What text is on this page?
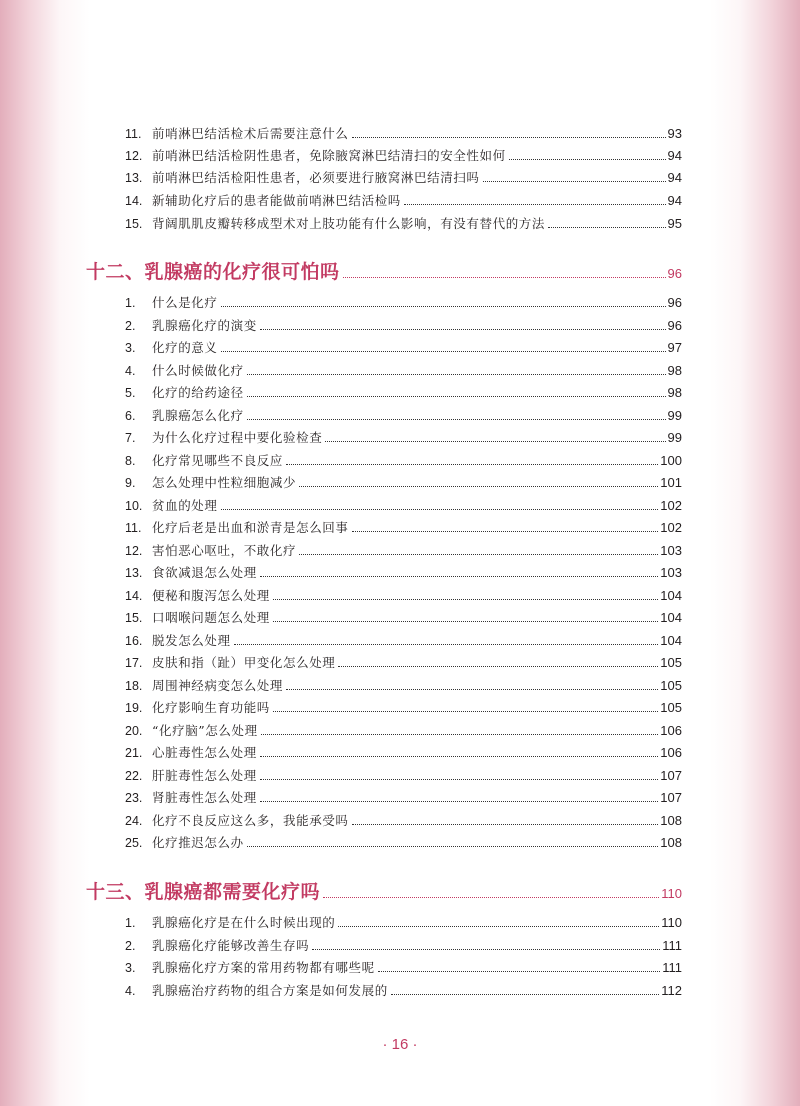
11. 前哨淋巴结活检术后需要注意什么	93
12. 前哨淋巴结活检阴性患者，免除腋窝淋巴结清扫的安全性如何	94
13. 前哨淋巴结活检阳性患者，必须要进行腋窝淋巴结清扫吗	94
14. 新辅助化疗后的患者能做前哨淋巴结活检吗	94
15. 背阔肌肌皮瓣转移成型术对上肢功能有什么影响，有没有替代的方法	95
十二、乳腺癌的化疗很可怕吗	96
1.	什么是化疗	96
2.	乳腺癌化疗的演变	96
3.	化疗的意义	97
4.	什么时候做化疗	98
5.	化疗的给药途径	98
6.	乳腺癌怎么化疗	99
7.	为什么化疗过程中要化验检查	99
8.	化疗常见哪些不良反应	100
9.	怎么处理中性粒细胞减少	101
10. 贫血的处理	102
11. 化疗后老是出血和淤青是怎么回事	102
12. 害怕恶心呕吐，不敢化疗	103
13. 食欲减退怎么处理	103
14. 便秘和腹泻怎么处理	104
15. 口咽喉问题怎么处理	104
16. 脱发怎么处理	104
17. 皮肤和指（趾）甲变化怎么处理	105
18. 周围神经病变怎么处理	105
19. 化疗影响生育功能吗	105
20. “化疗脑”怎么处理	106
21. 心脏毒性怎么处理	106
22. 肝脏毒性怎么处理	107
23. 肾脏毒性怎么处理	107
24. 化疗不良反应这么多，我能承受吗	108
25. 化疗推迟怎么办	108
十三、乳腺癌都需要化疗吗	110
1.	乳腺癌化疗是在什么时候出现的	110
2.	乳腺癌化疗能够改善生存吗	111
3.	乳腺癌化疗方案的常用药物都有哪些呢	111
4.	乳腺癌治疗药物的组合方案是如何发展的	112
· 16 ·
